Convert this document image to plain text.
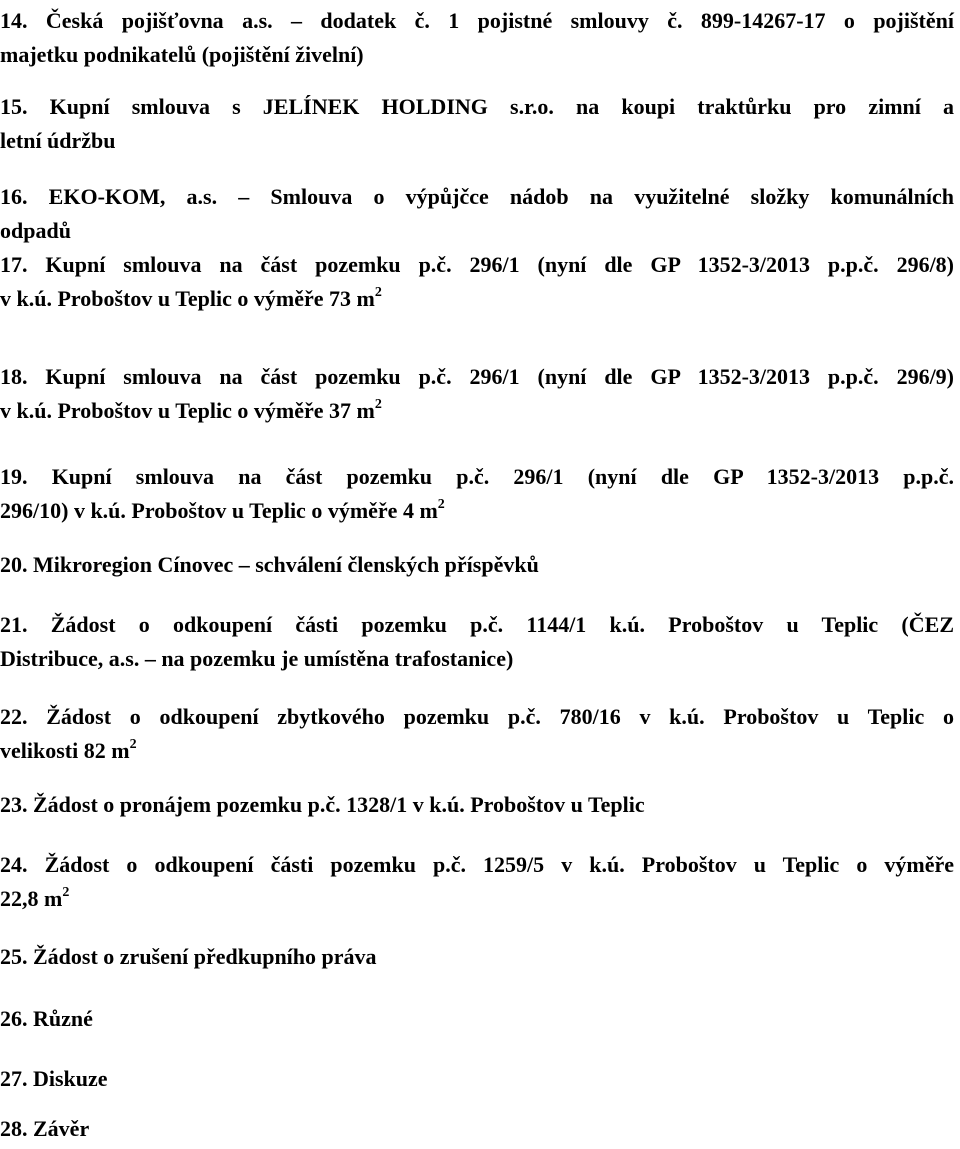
14. Česká pojišťovna a.s. – dodatek č. 1 pojistné smlouvy č. 899-14267-17 o pojištění
majetku podnikatelů (pojištění živelní)
15. Kupní smlouva s JELÍNEK HOLDING s.r.o. na koupi traktůrku pro zimní a
letní údržbu
16. EKO-KOM, a.s. – Smlouva o výpůjčce nádob na využitelné složky komunálních
odpadů
17. Kupní smlouva na část pozemku p.č. 296/1 (nyní dle GP 1352-3/2013 p.p.č. 296/8)
v k.ú. Proboštov u Teplic o výměře 73 $m^2$
18. Kupní smlouva na část pozemku p.č. 296/1 (nyní dle GP 1352-3/2013 p.p.č. 296/9)
v k.ú. Proboštov u Teplic o výměře 37 $m^2$
19. Kupní smlouva na část pozemku p.č. 296/1 (nyní dle GP 1352-3/2013 p.p.č.
296/10) v k.ú. Proboštov u Teplic o výměře 4 $m^2$
20. Mikroregion Cínovec – schválení členských příspěvků
21. Žádost o odkoupení části pozemku p.č. 1144/1 k.ú. Proboštov u Teplic (ČEZ
Distribuce, a.s. – na pozemku je umístěna trafostanice)
22. Žádost o odkoupení zbytkového pozemku p.č. 780/16 v k.ú. Proboštov u Teplic o
velikosti 82 $m^2$
23. Žádost o pronájem pozemku p.č. 1328/1 v k.ú. Proboštov u Teplic
24. Žádost o odkoupení části pozemku p.č. 1259/5 v k.ú. Proboštov u Teplic o výměře
22,8 $m^2$
25. Žádost o zrušení předkupního práva
26. Různé
27. Diskuze
28. Závěr
